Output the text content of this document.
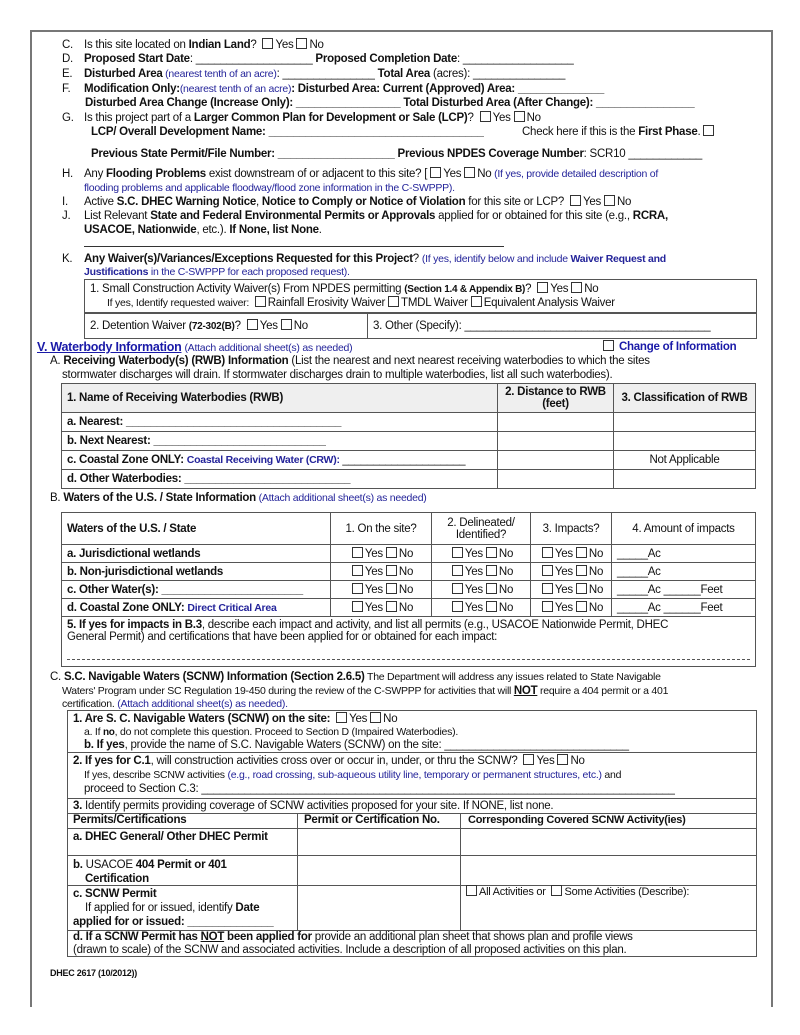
C. Is this site located on Indian Land? Yes No
D. Proposed Start Date: ___________________ Proposed Completion Date: __________________
E. Disturbed Area (nearest tenth of an acre): _______________ Total Area (acres): _______________
F. Modification Only:(nearest tenth of an acre): Disturbed Area: Current (Approved) Area: ______________
Disturbed Area Change (Increase Only): _________________ Total Disturbed Area (After Change): ________________
G. Is this project part of a Larger Common Plan for Development or Sale (LCP)? Yes No
LCP/ Overall Development Name: ___________________________________	Check here if this is the First Phase.
Previous State Permit/File Number: ___________________ Previous NPDES Coverage Number: SCR10 ____________
H. Any Flooding Problems exist downstream of or adjacent to this site? [ Yes No (If yes, provide detailed description of
flooding problems and applicable floodway/flood zone information in the C-SWPPP).
I. Active S.C. DHEC Warning Notice, Notice to Comply or Notice of Violation for this site or LCP? Yes No
J. List Relevant State and Federal Environmental Permits or Approvals applied for or obtained for this site (e.g., RCRA,
USACOE, Nationwide, etc.). If None, list None.
K. Any Waiver(s)/Variances/Exceptions Requested for this Project? (If yes, identify below and include Waiver Request and
Justifications in the C-SWPPP for each proposed request).
1. Small Construction Activity Waiver(s) From NPDES permitting (Section 1.4 & Appendix B)? Yes No
If yes, Identify requested waiver: Rainfall Erosivity Waiver TMDL Waiver Equivalent Analysis Waiver
2. Detention Waiver (72-302(B)? Yes No	3. Other (Specify): ________________________________________
V. Waterbody Information (Attach additional sheet(s) as needed)	Change of Information
A. Receiving Waterbody(s) (RWB) Information (List the nearest and next nearest receiving waterbodies to which the sites
stormwater discharges will drain. If stormwater discharges drain to multiple waterbodies, list all such waterbodies).
1. Name of Receiving Waterbodies (RWB)	2. Distance to RWB (feet)	3. Classification of RWB
a. Nearest: ___________________________________		
b. Next Nearest: ____________________________		
c. Coastal Zone ONLY: Coastal Receiving Water (CRW): ____________________		Not Applicable
d. Other Waterbodies: ___________________________		
B. Waters of the U.S. / State Information (Attach additional sheet(s) as needed)
Waters of the U.S. / State	1. On the site?	2. Delineated/ Identified?	3. Impacts?	4. Amount of impacts
a. Jurisdictional wetlands	Yes No	Yes No	Yes No	_____Ac
b. Non-jurisdictional wetlands	Yes No	Yes No	Yes No	_____Ac
c. Other Water(s): _______________________	Yes No	Yes No	Yes No	_____Ac ______Feet
d. Coastal Zone ONLY: Direct Critical Area	Yes No	Yes No	Yes No	_____Ac ______Feet

5. If yes for impacts in B.3, describe each impact and activity, and list all permits (e.g., USACOE Nationwide Permit, DHEC
General Permit) and certifications that have been applied for or obtained for each impact:				
C. S.C. Navigable Waters (SCNW) Information (Section 2.6.5) The Department will address any issues related to State Navigable
Waters' Program under SC Regulation 19-450 during the review of the C-SWPPP for activities that will NOT require a 404 permit or a 401
certification. (Attach additional sheet(s) as needed).
1. Are S. C. Navigable Waters (SCNW) on the site: Yes No
a. If no, do not complete this question. Proceed to Section D (Impaired Waterbodies).
b. If yes, provide the name of S.C. Navigable Waters (SCNW) on the site: ______________________________
2. If yes for C.1, will construction activities cross over or occur in, under, or thru the SCNW? Yes No
If yes, describe SCNW activities (e.g., road crossing, sub-aqueous utility line, temporary or permanent structures, etc.) and
proceed to Section C.3: _____________________________________________________________________________
3. Identify permits providing coverage of SCNW activities proposed for your site. If NONE, list none.
Permits/Certifications	Permit or Certification No.	Corresponding Covered SCNW Activity(ies)
a. DHEC General/ Other DHEC Permit
b. USACOE 404 Permit or 401
Certification
c. SCNW Permit
If applied for or issued, identify Date
applied for or issued: ______________
All Activities or Some Activities (Describe):
d. If a SCNW Permit has NOT been applied for provide an additional plan sheet that shows plan and profile views
(drawn to scale) of the SCNW and associated activities. Include a description of all proposed activities on this plan.
DHEC 2617 (10/2012))
